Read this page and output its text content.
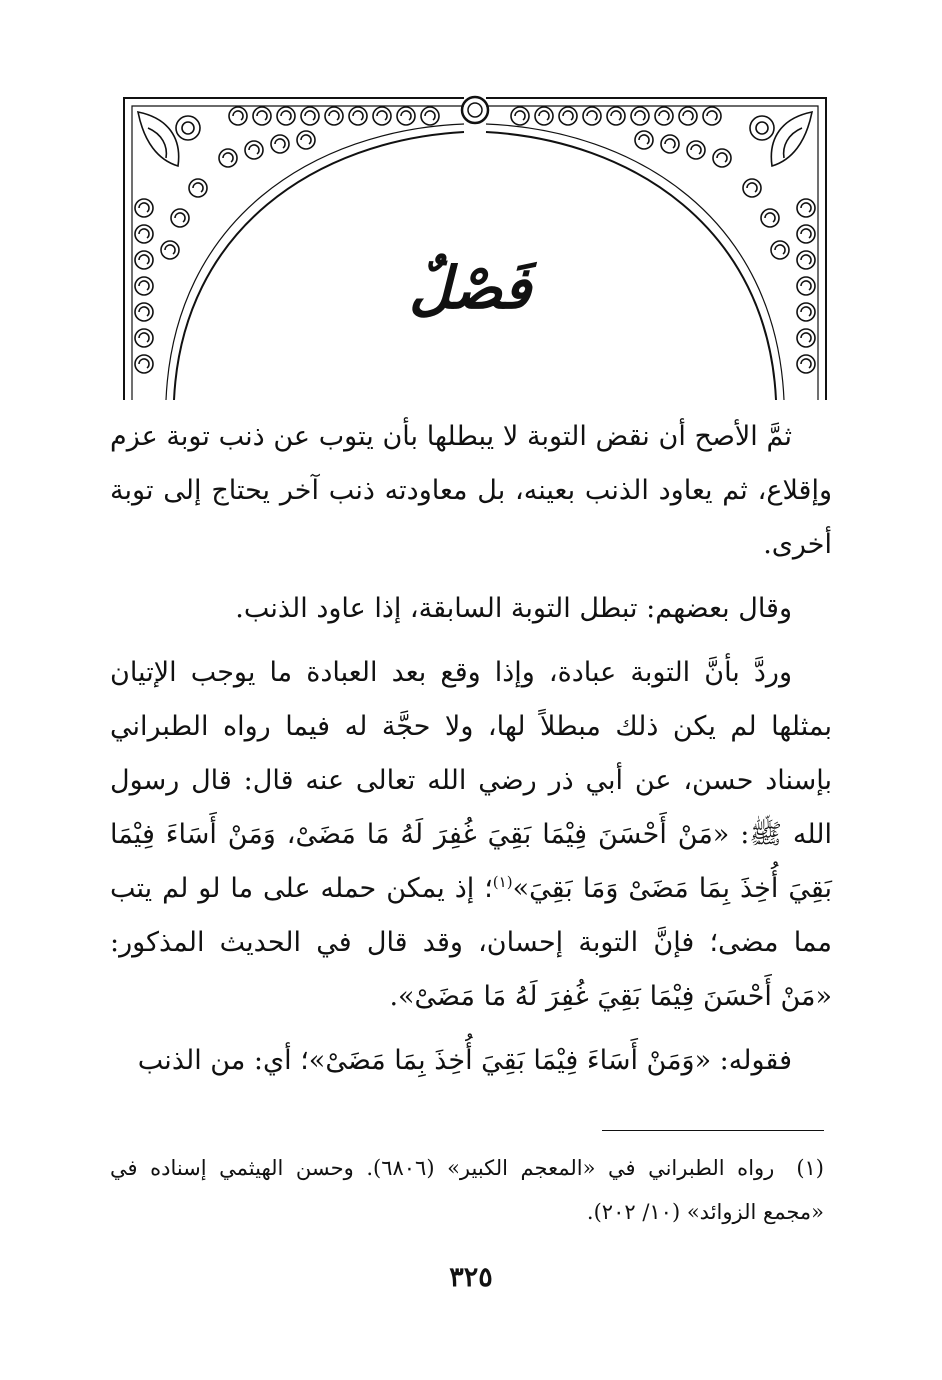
فَصْلٌ

ثمَّ الأصح أن نقض التوبة لا يبطلها بأن يتوب عن ذنب توبة عزم وإقلاع، ثم يعاود الذنب بعينه، بل معاودته ذنب آخر يحتاج إلى توبة أخرى.

وقال بعضهم: تبطل التوبة السابقة، إذا عاود الذنب.

وردَّ بأنَّ التوبة عبادة، وإذا وقع بعد العبادة ما يوجب الإتيان بمثلها لم يكن ذلك مبطلاً لها، ولا حجَّة له فيما رواه الطبراني بإسناد حسن، عن أبي ذر رضي الله تعالى عنه قال: قال رسول الله ﷺ: «مَنْ أَحْسَنَ فِيْمَا بَقِيَ غُفِرَ لَهُ مَا مَضَىْ، وَمَنْ أَسَاءَ فِيْمَا بَقِيَ أُخِذَ بِمَا مَضَىْ وَمَا بَقِيَ»$^{(١)}$؛ إذ يمكن حمله على ما لو لم يتب مما مضى؛ فإنَّ التوبة إحسان، وقد قال في الحديث المذكور: «مَنْ أَحْسَنَ فِيْمَا بَقِيَ غُفِرَ لَهُ مَا مَضَىْ».

فقوله: «وَمَنْ أَسَاءَ فِيْمَا بَقِيَ أُخِذَ بِمَا مَضَىْ»؛ أي: من الذنب

(١)رواه الطبراني في «المعجم الكبير» (٦٨٠٦). وحسن الهيثمي إسناده في «مجمع الزوائد» (١٠/ ٢٠٢).
٣٢٥
